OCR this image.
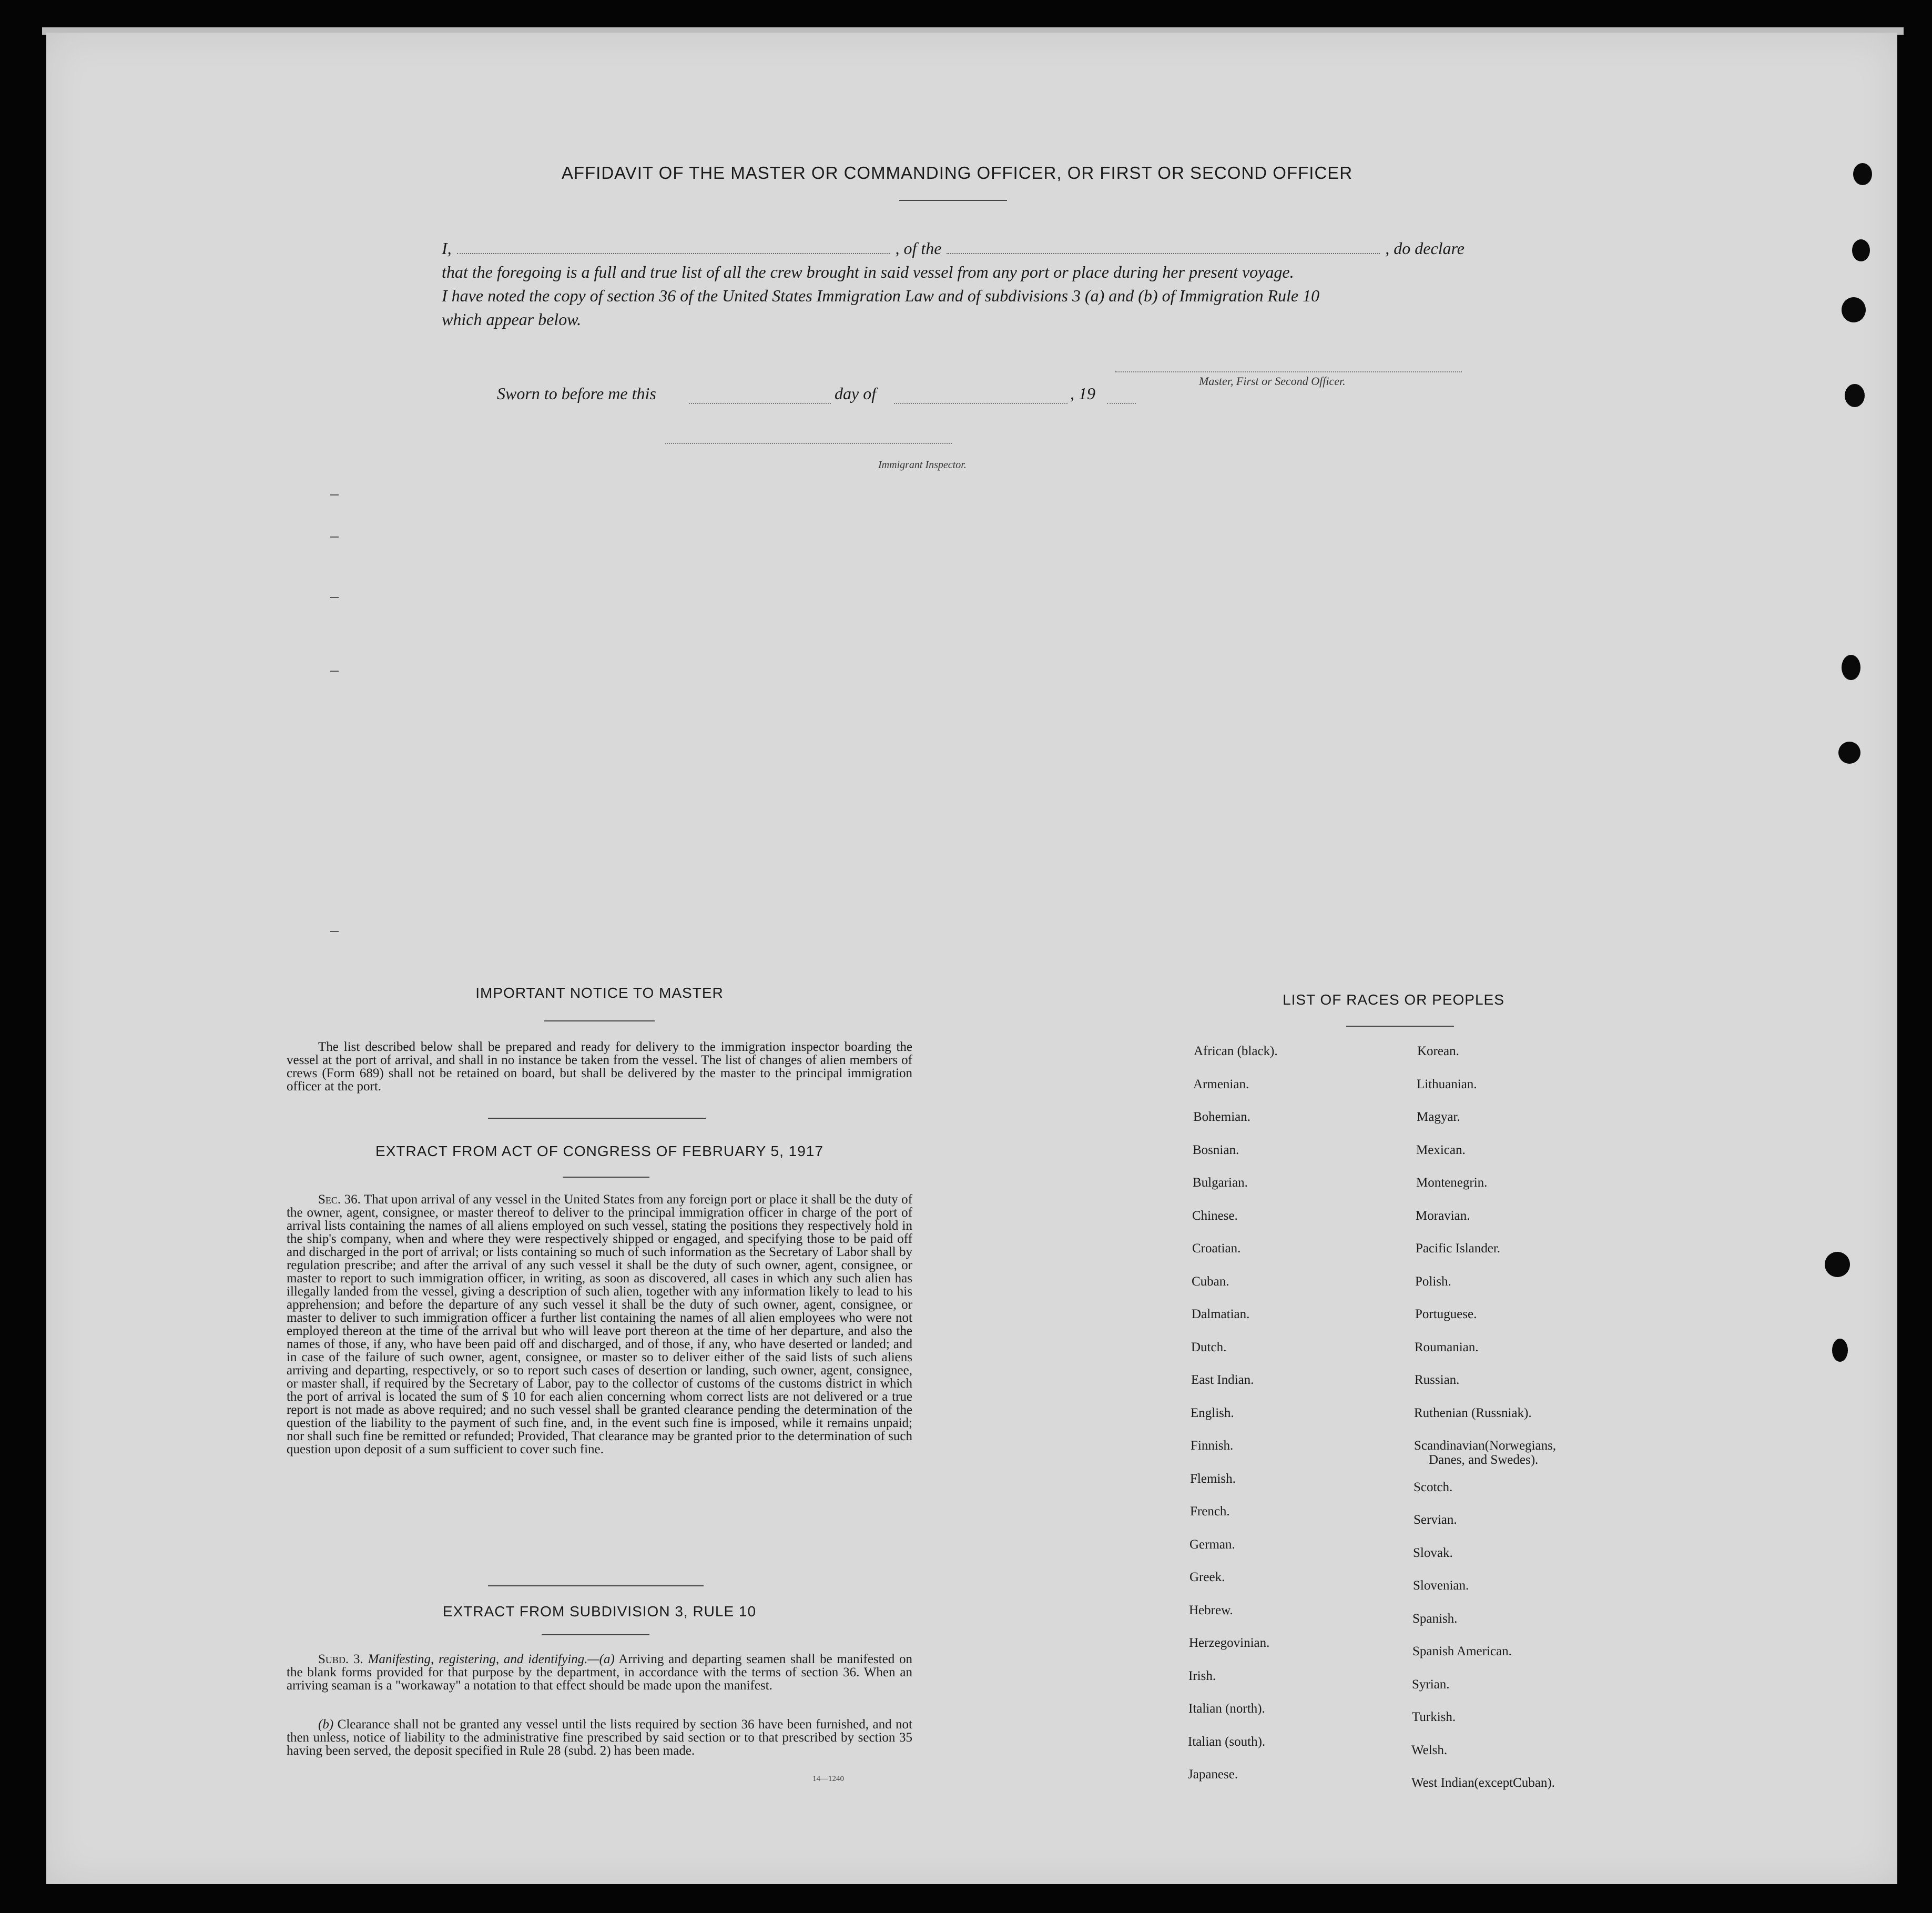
AFFIDAVIT OF THE MASTER OR COMMANDING OFFICER, OR FIRST OR SECOND OFFICER
I,	, of the	, do declare
that the foregoing is a full and true list of all the crew brought in said vessel from any port or place during her present voyage.
I have noted the copy of section 36 of the United States Immigration Law and of subdivisions 3 (a) and (b) of Immigration Rule 10
which appear below.
Master, First or Second Officer.
Sworn to before me this	day of	, 19
Immigrant Inspector.
IMPORTANT NOTICE TO MASTER
The list described below shall be prepared and ready for delivery to the immigration inspector boarding the vessel at the port of arrival, and shall in no instance be taken from the vessel. The list of changes of alien members of crews (Form 689) shall not be retained on board, but shall be delivered by the master to the principal immigration officer at the port.
EXTRACT FROM ACT OF CONGRESS OF FEBRUARY 5, 1917
Sec. 36. That upon arrival of any vessel in the United States from any foreign port or place it shall be the duty of the owner, agent, consignee, or master thereof to deliver to the principal immigration officer in charge of the port of arrival lists containing the names of all aliens employed on such vessel, stating the positions they respectively hold in the ship's company, when and where they were respectively shipped or engaged, and specifying those to be paid off and discharged in the port of arrival; or lists containing so much of such information as the Secretary of Labor shall by regulation prescribe; and after the arrival of any such vessel it shall be the duty of such owner, agent, consignee, or master to report to such immigration officer, in writing, as soon as discovered, all cases in which any such alien has illegally landed from the vessel, giving a description of such alien, together with any information likely to lead to his apprehension; and before the departure of any such vessel it shall be the duty of such owner, agent, consignee, or master to deliver to such immigration officer a further list containing the names of all alien employees who were not employed thereon at the time of the arrival but who will leave port thereon at the time of her departure, and also the names of those, if any, who have been paid off and discharged, and of those, if any, who have deserted or landed; and in case of the failure of such owner, agent, consignee, or master so to deliver either of the said lists of such aliens arriving and departing, respectively, or so to report such cases of desertion or landing, such owner, agent, consignee, or master shall, if required by the Secretary of Labor, pay to the collector of customs of the customs district in which the port of arrival is located the sum of $ 10 for each alien concerning whom correct lists are not delivered or a true report is not made as above required; and no such vessel shall be granted clearance pending the determination of the question of the liability to the payment of such fine, and, in the event such fine is imposed, while it remains unpaid; nor shall such fine be remitted or refunded; Provided, That clearance may be granted prior to the determination of such question upon deposit of a sum sufficient to cover such fine.
EXTRACT FROM SUBDIVISION 3, RULE 10
Subd. 3. Manifesting, registering, and identifying.—(a) Arriving and departing seamen shall be manifested on the blank forms provided for that purpose by the department, in accordance with the terms of section 36. When an arriving seaman is a "workaway" a notation to that effect should be made upon the manifest.
(b) Clearance shall not be granted any vessel until the lists required by section 36 have been furnished, and not then unless, notice of liability to the administrative fine prescribed by said section or to that prescribed by section 35 having been served, the deposit specified in Rule 28 (subd. 2) has been made.
14—1240
LIST OF RACES OR PEOPLES
African (black).
Armenian.
Bohemian.
Bosnian.
Bulgarian.
Chinese.
Croatian.
Cuban.
Dalmatian.
Dutch.
East Indian.
English.
Finnish.
Flemish.
French.
German.
Greek.
Hebrew.
Herzegovinian.
Irish.
Italian (north).
Italian (south).
Japanese.
Korean.
Lithuanian.
Magyar.
Mexican.
Montenegrin.
Moravian.
Pacific Islander.
Polish.
Portuguese.
Roumanian.
Russian.
Ruthenian (Russniak).
Scandinavian(Norwegians,
Scotch.
Servian.
Slovak.
Slovenian.
Spanish.
Spanish American.
Syrian.
Turkish.
Welsh.
West Indian(exceptCuban).
Danes, and Swedes).
